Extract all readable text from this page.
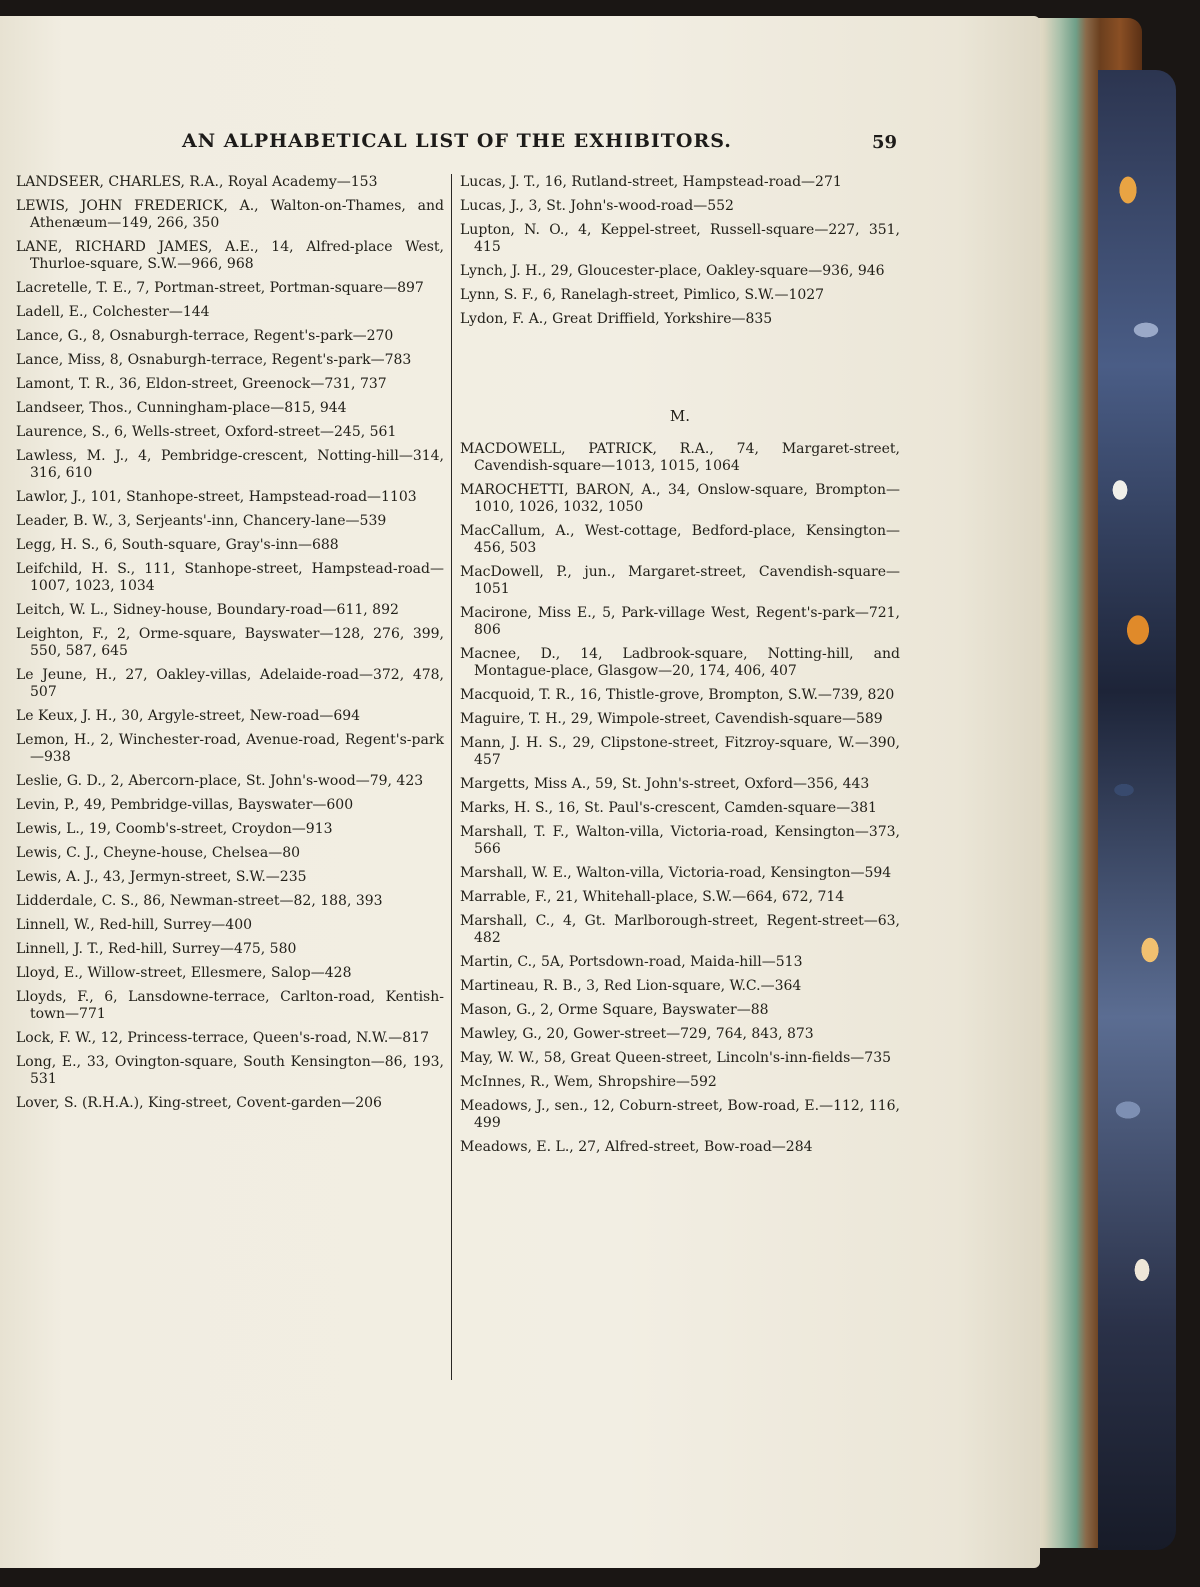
AN ALPHABETICAL LIST OF THE EXHIBITORS.	59
LANDSEER, CHARLES, R.A., Royal Academy—153
LEWIS, JOHN FREDERICK, A., Walton-on-Thames, and Athenæum—149, 266, 350
LANE, RICHARD JAMES, A.E., 14, Alfred-place West, Thurloe-square, S.W.—966, 968
Lacretelle, T. E., 7, Portman-street, Portman-square—897
Ladell, E., Colchester—144
Lance, G., 8, Osnaburgh-terrace, Regent's-park—270
Lance, Miss, 8, Osnaburgh-terrace, Regent's-park—783
Lamont, T. R., 36, Eldon-street, Greenock—731, 737
Landseer, Thos., Cunningham-place—815, 944
Laurence, S., 6, Wells-street, Oxford-street—245, 561
Lawless, M. J., 4, Pembridge-crescent, Notting-hill—314, 316, 610
Lawlor, J., 101, Stanhope-street, Hampstead-road—1103
Leader, B. W., 3, Serjeants'-inn, Chancery-lane—539
Legg, H. S., 6, South-square, Gray's-inn—688
Leifchild, H. S., 111, Stanhope-street, Hampstead-road—1007, 1023, 1034
Leitch, W. L., Sidney-house, Boundary-road—611, 892
Leighton, F., 2, Orme-square, Bayswater—128, 276, 399, 550, 587, 645
Le Jeune, H., 27, Oakley-villas, Adelaide-road—372, 478, 507
Le Keux, J. H., 30, Argyle-street, New-road—694
Lemon, H., 2, Winchester-road, Avenue-road, Regent's-park—938
Leslie, G. D., 2, Abercorn-place, St. John's-wood—79, 423
Levin, P., 49, Pembridge-villas, Bayswater—600
Lewis, L., 19, Coomb's-street, Croydon—913
Lewis, C. J., Cheyne-house, Chelsea—80
Lewis, A. J., 43, Jermyn-street, S.W.—235
Lidderdale, C. S., 86, Newman-street—82, 188, 393
Linnell, W., Red-hill, Surrey—400
Linnell, J. T., Red-hill, Surrey—475, 580
Lloyd, E., Willow-street, Ellesmere, Salop—428
Lloyds, F., 6, Lansdowne-terrace, Carlton-road, Kentish-town—771
Lock, F. W., 12, Princess-terrace, Queen's-road, N.W.—817
Long, E., 33, Ovington-square, South Kensington—86, 193, 531
Lover, S. (R.H.A.), King-street, Covent-garden—206
Lucas, J. T., 16, Rutland-street, Hampstead-road—271
Lucas, J., 3, St. John's-wood-road—552
Lupton, N. O., 4, Keppel-street, Russell-square—227, 351, 415
Lynch, J. H., 29, Gloucester-place, Oakley-square—936, 946
Lynn, S. F., 6, Ranelagh-street, Pimlico, S.W.—1027
Lydon, F. A., Great Driffield, Yorkshire—835
M.
MACDOWELL, PATRICK, R.A., 74, Margaret-street, Cavendish-square—1013, 1015, 1064
MAROCHETTI, BARON, A., 34, Onslow-square, Brompton—1010, 1026, 1032, 1050
MacCallum, A., West-cottage, Bedford-place, Kensington—456, 503
MacDowell, P., jun., Margaret-street, Cavendish-square—1051
Macirone, Miss E., 5, Park-village West, Regent's-park—721, 806
Macnee, D., 14, Ladbrook-square, Notting-hill, and Montague-place, Glasgow—20, 174, 406, 407
Macquoid, T. R., 16, Thistle-grove, Brompton, S.W.—739, 820
Maguire, T. H., 29, Wimpole-street, Cavendish-square—589
Mann, J. H. S., 29, Clipstone-street, Fitzroy-square, W.—390, 457
Margetts, Miss A., 59, St. John's-street, Oxford—356, 443
Marks, H. S., 16, St. Paul's-crescent, Camden-square—381
Marshall, T. F., Walton-villa, Victoria-road, Kensington—373, 566
Marshall, W. E., Walton-villa, Victoria-road, Kensington—594
Marrable, F., 21, Whitehall-place, S.W.—664, 672, 714
Marshall, C., 4, Gt. Marlborough-street, Regent-street—63, 482
Martin, C., 5A, Portsdown-road, Maida-hill—513
Martineau, R. B., 3, Red Lion-square, W.C.—364
Mason, G., 2, Orme Square, Bayswater—88
Mawley, G., 20, Gower-street—729, 764, 843, 873
May, W. W., 58, Great Queen-street, Lincoln's-inn-fields—735
McInnes, R., Wem, Shropshire—592
Meadows, J., sen., 12, Coburn-street, Bow-road, E.—112, 116, 499
Meadows, E. L., 27, Alfred-street, Bow-road—284
